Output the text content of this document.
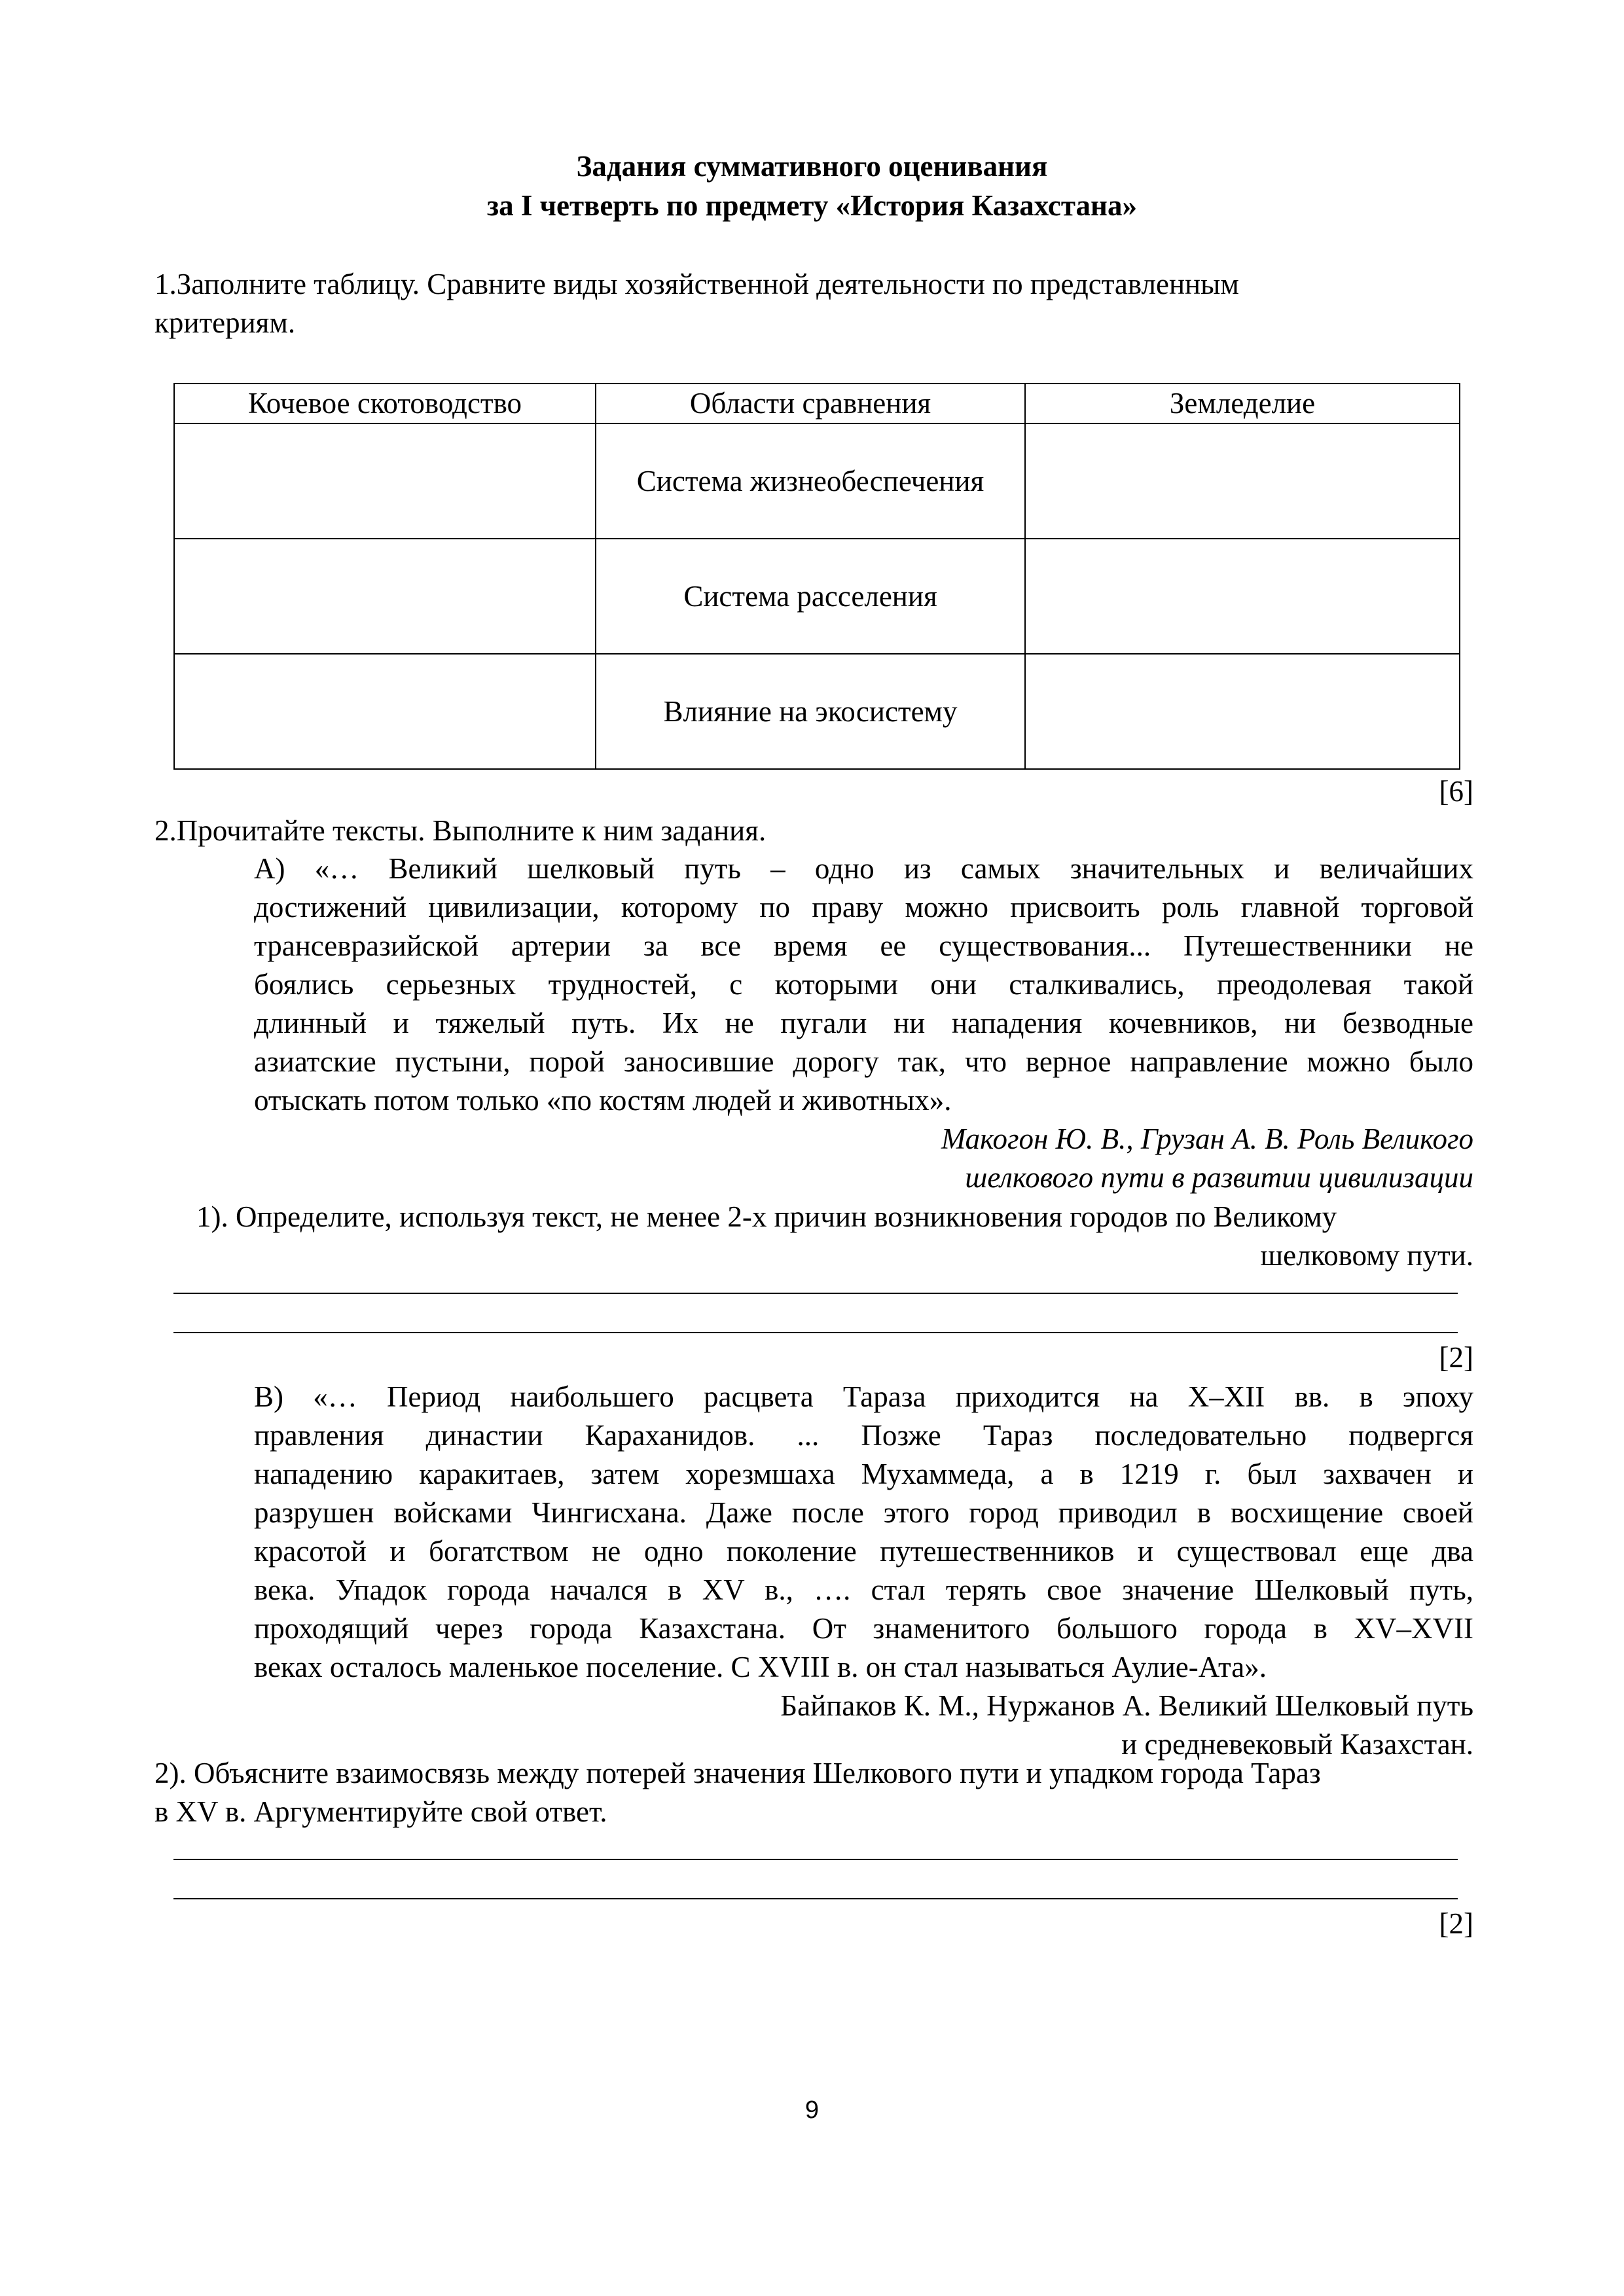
Задания суммативного оценивания
за I четверть по предмету «История Казахстана»
1.Заполните таблицу. Сравните виды хозяйственной деятельности по представленным
критериям.
Кочевое скотоводство	Области сравнения	Земледелие
	Система жизнеобеспечения	
	Система расселения	
	Влияние на экосистему	
[6]
2.Прочитайте тексты. Выполните к ним задания.
А) «… Великий шелковый путь – одно из самых значительных и величайших
достижений цивилизации, которому по праву можно присвоить роль главной торговой
трансевразийской артерии за все время ее существования... Путешественники не
боялись серьезных трудностей, с которыми они сталкивались, преодолевая такой
длинный и тяжелый путь. Их не пугали ни нападения кочевников, ни безводные
азиатские пустыни, порой заносившие дорогу так, что верное направление можно было
отыскать потом только «по костям людей и животных».
Макогон Ю. В., Грузан А. В. Роль Великого
шелкового пути в развитии цивилизации
1). Определите, используя текст, не менее 2-х причин возникновения городов по Великому
шелковому пути.
[2]
В) «… Период наибольшего расцвета Тараза приходится на X–XII вв. в эпоху
правления династии Караханидов. ... Позже Тараз последовательно подвергся
нападению каракитаев, затем хорезмшаха Мухаммеда, а в 1219 г. был захвачен и
разрушен войсками Чингисхана. Даже после этого город приводил в восхищение своей
красотой и богатством не одно поколение путешественников и существовал еще два
века. Упадок города начался в XV в., …. стал терять свое значение Шелковый путь,
проходящий через города Казахстана. От знаменитого большого города в XV–XVII
веках осталось маленькое поселение. С XVIII в. он стал называться Аулие-Ата».
Байпаков К. М., Нуржанов А. Великий Шелковый путь
и средневековый Казахстан.
2). Объясните взаимосвязь между потерей значения Шелкового пути и упадком города Тараз
в XV в. Аргументируйте свой ответ.
[2]
9
